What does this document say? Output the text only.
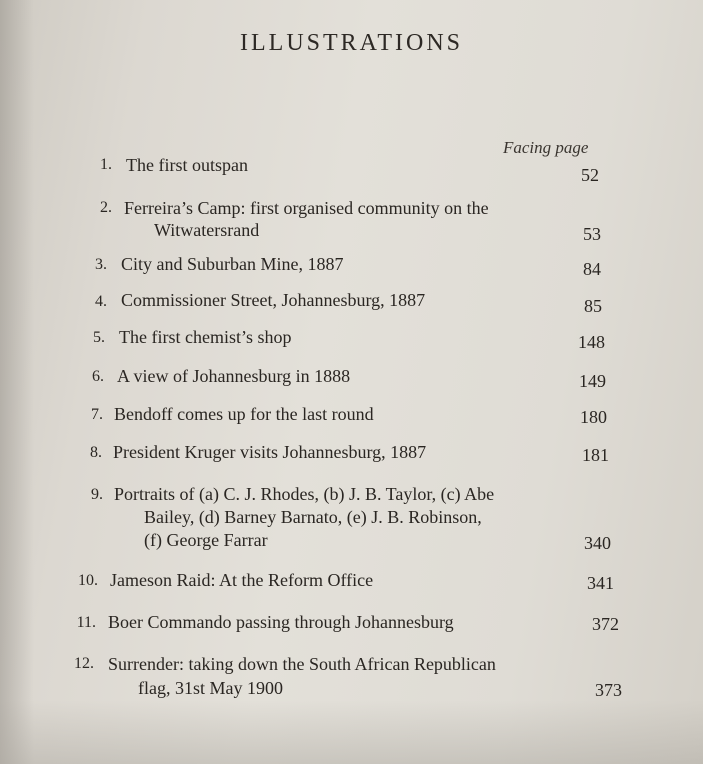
ILLUSTRATIONS
Facing page
1. The first outspan	52
2. Ferreira’s Camp: first organised community on the
Witwatersrand	53
3. City and Suburban Mine, 1887	84
4. Commissioner Street, Johannesburg, 1887	85
5. The first chemist’s shop	148
6. A view of Johannesburg in 1888	149
7. Bendoff comes up for the last round	180
8. President Kruger visits Johannesburg, 1887	181
9. Portraits of (a) C. J. Rhodes, (b) J. B. Taylor, (c) Abe
Bailey, (d) Barney Barnato, (e) J. B. Robinson,
(f) George Farrar	340
10. Jameson Raid: At the Reform Office	341
11. Boer Commando passing through Johannesburg	372
12. Surrender: taking down the South African Republican
flag, 31st May 1900	373
